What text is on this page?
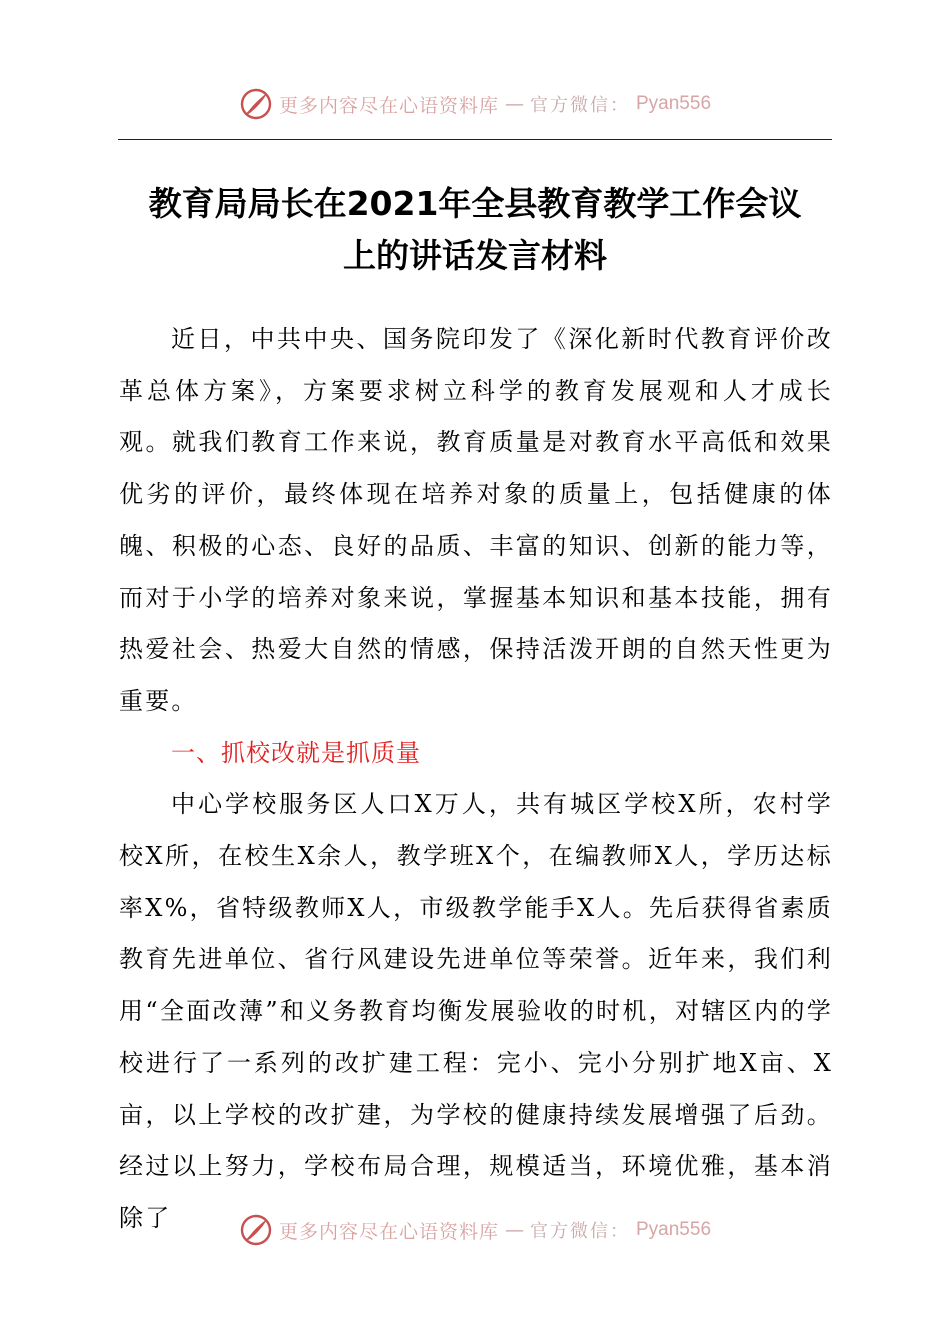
更多内容尽在心语资料库 — 官方微信： Pyan556
教育局局长在2021年全县教育教学工作会议
上的讲话发言材料

近日，中共中央、国务院印发了《深化新时代教育评价改革总体方案》，方案要求树立科学的教育发展观和人才成长观。就我们教育工作来说，教育质量是对教育水平高低和效果优劣的评价，最终体现在培养对象的质量上，包括健康的体魄、积极的心态、良好的品质、丰富的知识、创新的能力等，而对于小学的培养对象来说，掌握基本知识和基本技能，拥有热爱社会、热爱大自然的情感，保持活泼开朗的自然天性更为重要。

一、抓校改就是抓质量

中心学校服务区人口X万人，共有城区学校X所，农村学校X所，在校生X余人，教学班X个，在编教师X人，学历达标率X%，省特级教师X人，市级教学能手X人。先后获得省素质教育先进单位、省行风建设先进单位等荣誉。近年来，我们利用“全面改薄”和义务教育均衡发展验收的时机，对辖区内的学校进行了一系列的改扩建工程：完小、完小分别扩地X亩、X亩，以上学校的改扩建，为学校的健康持续发展增强了后劲。经过以上努力，学校布局合理，规模适当，环境优雅，基本消除了	更多内容尽在心语资料库 — 官方微信： Pyan556
